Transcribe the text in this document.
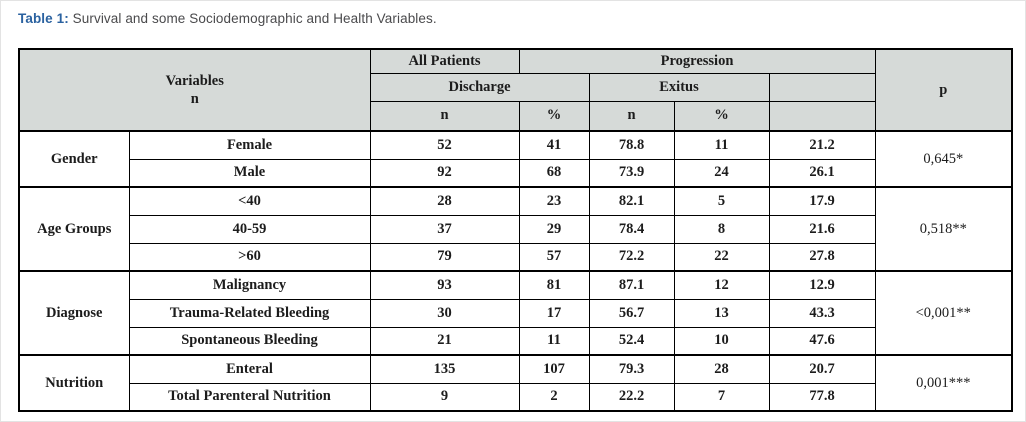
Table 1: Survival and some Sociodemographic and Health Variables.
Variables
n		All Patients	Progression				p
		Discharge		Exitus			
		n	%	n	%		
Gender	Female	52	41	78.8	11	21.2	0,645*
	Male	92	68	73.9	24	26.1	
Age Groups	<40	28	23	82.1	5	17.9	0,518**
	40-59	37	29	78.4	8	21.6	
	>60	79	57	72.2	22	27.8	
Diagnose	Malignancy	93	81	87.1	12	12.9	<0,001**
	Trauma-Related Bleeding	30	17	56.7	13	43.3	
	Spontaneous Bleeding	21	11	52.4	10	47.6	
Nutrition	Enteral	135	107	79.3	28	20.7	0,001***
	Total Parenteral Nutrition	9	2	22.2	7	77.8	
